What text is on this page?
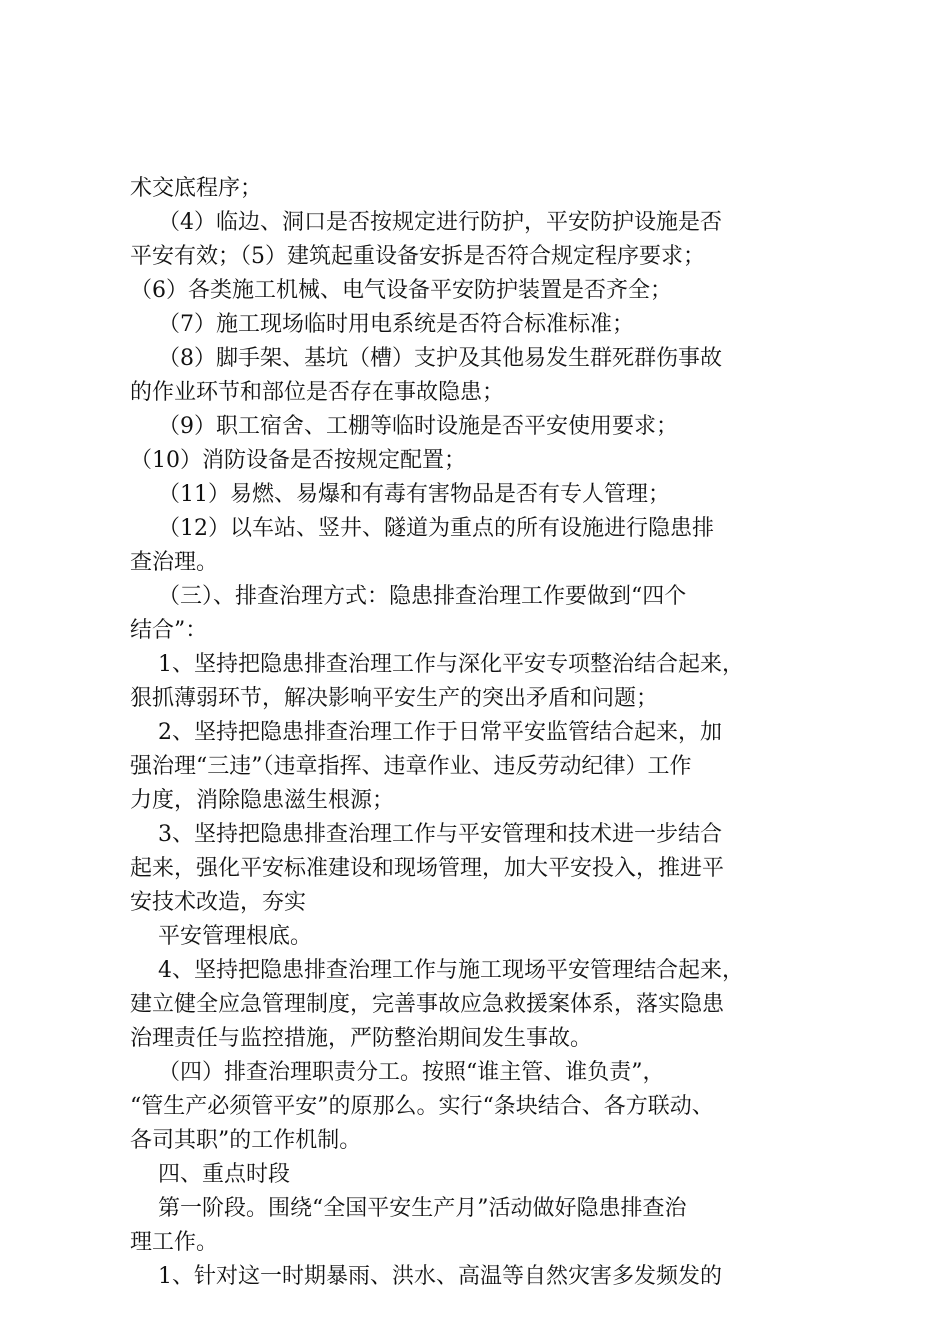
术交底程序；
（4）临边、洞口是否按规定进行防护，平安防护设施是否
平安有效；（5）建筑起重设备安拆是否符合规定程序要求；
（6）各类施工机械、电气设备平安防护装置是否齐全；
（7）施工现场临时用电系统是否符合标准标准；
（8）脚手架、基坑（槽）支护及其他易发生群死群伤事故
的作业环节和部位是否存在事故隐患；
（9）职工宿舍、工棚等临时设施是否平安使用要求；
（10）消防设备是否按规定配置；
（11）易燃、易爆和有毒有害物品是否有专人管理；
（12）以车站、竖井、隧道为重点的所有设施进行隐患排
查治理。
（三）、排查治理方式：隐患排查治理工作要做到“四个
结合”：
1、坚持把隐患排查治理工作与深化平安专项整治结合起来，
狠抓薄弱环节，解决影响平安生产的突出矛盾和问题；
2、坚持把隐患排查治理工作于日常平安监管结合起来，加
强治理“三违”（违章指挥、违章作业、违反劳动纪律）工作
力度，消除隐患滋生根源；
3、坚持把隐患排查治理工作与平安管理和技术进一步结合
起来，强化平安标准建设和现场管理，加大平安投入，推进平
安技术改造，夯实
平安管理根底。
4、坚持把隐患排查治理工作与施工现场平安管理结合起来，
建立健全应急管理制度，完善事故应急救援案体系，落实隐患
治理责任与监控措施，严防整治期间发生事故。
（四）排查治理职责分工。按照“谁主管、谁负责”，
“管生产必须管平安”的原那么。实行“条块结合、各方联动、
各司其职”的工作机制。
四、重点时段
第一阶段。围绕“全国平安生产月”活动做好隐患排查治
理工作。
1、针对这一时期暴雨、洪水、高温等自然灾害多发频发的
